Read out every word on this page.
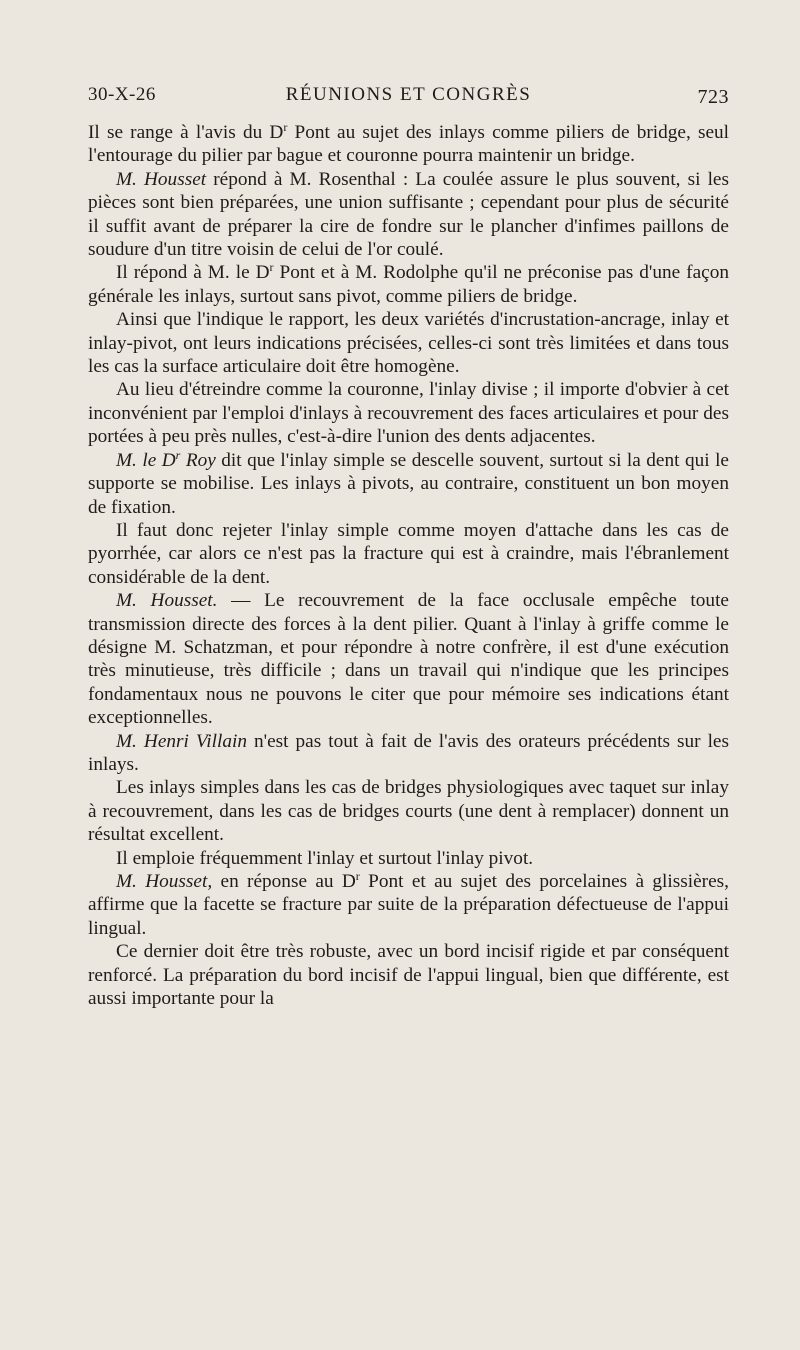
30-X-26	RÉUNIONS ET CONGRÈS	723

Il se range à l'avis du $D^r$ Pont au sujet des inlays comme piliers de bridge, seul l'entourage du pilier par bague et couronne pourra maintenir un bridge.

M. Housset répond à M. Rosenthal : La coulée assure le plus souvent, si les pièces sont bien préparées, une union suffisante ; cependant pour plus de sécurité il suffit avant de préparer la cire de fondre sur le plancher d'infimes paillons de soudure d'un titre voisin de celui de l'or coulé.

Il répond à M. le $D^r$ Pont et à M. Rodolphe qu'il ne préconise pas d'une façon générale les inlays, surtout sans pivot, comme piliers de bridge.

Ainsi que l'indique le rapport, les deux variétés d'incrustation-ancrage, inlay et inlay-pivot, ont leurs indications précisées, celles-ci sont très limitées et dans tous les cas la surface articulaire doit être homogène.

Au lieu d'étreindre comme la couronne, l'inlay divise ; il importe d'obvier à cet inconvénient par l'emploi d'inlays à recouvrement des faces articulaires et pour des portées à peu près nulles, c'est-à-dire l'union des dents adjacentes.

M. le $D^r$ Roy dit que l'inlay simple se descelle souvent, surtout si la dent qui le supporte se mobilise. Les inlays à pivots, au contraire, constituent un bon moyen de fixation.

Il faut donc rejeter l'inlay simple comme moyen d'attache dans les cas de pyorrhée, car alors ce n'est pas la fracture qui est à craindre, mais l'ébranlement considérable de la dent.

M. Housset. — Le recouvrement de la face occlusale empêche toute transmission directe des forces à la dent pilier. Quant à l'inlay à griffe comme le désigne M. Schatzman, et pour répondre à notre confrère, il est d'une exécution très minutieuse, très difficile ; dans un travail qui n'indique que les principes fondamentaux nous ne pouvons le citer que pour mémoire ses indications étant exceptionnelles.

M. Henri Villain n'est pas tout à fait de l'avis des orateurs précédents sur les inlays.

Les inlays simples dans les cas de bridges physiologiques avec taquet sur inlay à recouvrement, dans les cas de bridges courts (une dent à remplacer) donnent un résultat excellent.

Il emploie fréquemment l'inlay et surtout l'inlay pivot.

M. Housset, en réponse au $D^r$ Pont et au sujet des porcelaines à glissières, affirme que la facette se fracture par suite de la préparation défectueuse de l'appui lingual.

Ce dernier doit être très robuste, avec un bord incisif rigide et par conséquent renforcé. La préparation du bord incisif de l'appui lingual, bien que différente, est aussi importante pour la
